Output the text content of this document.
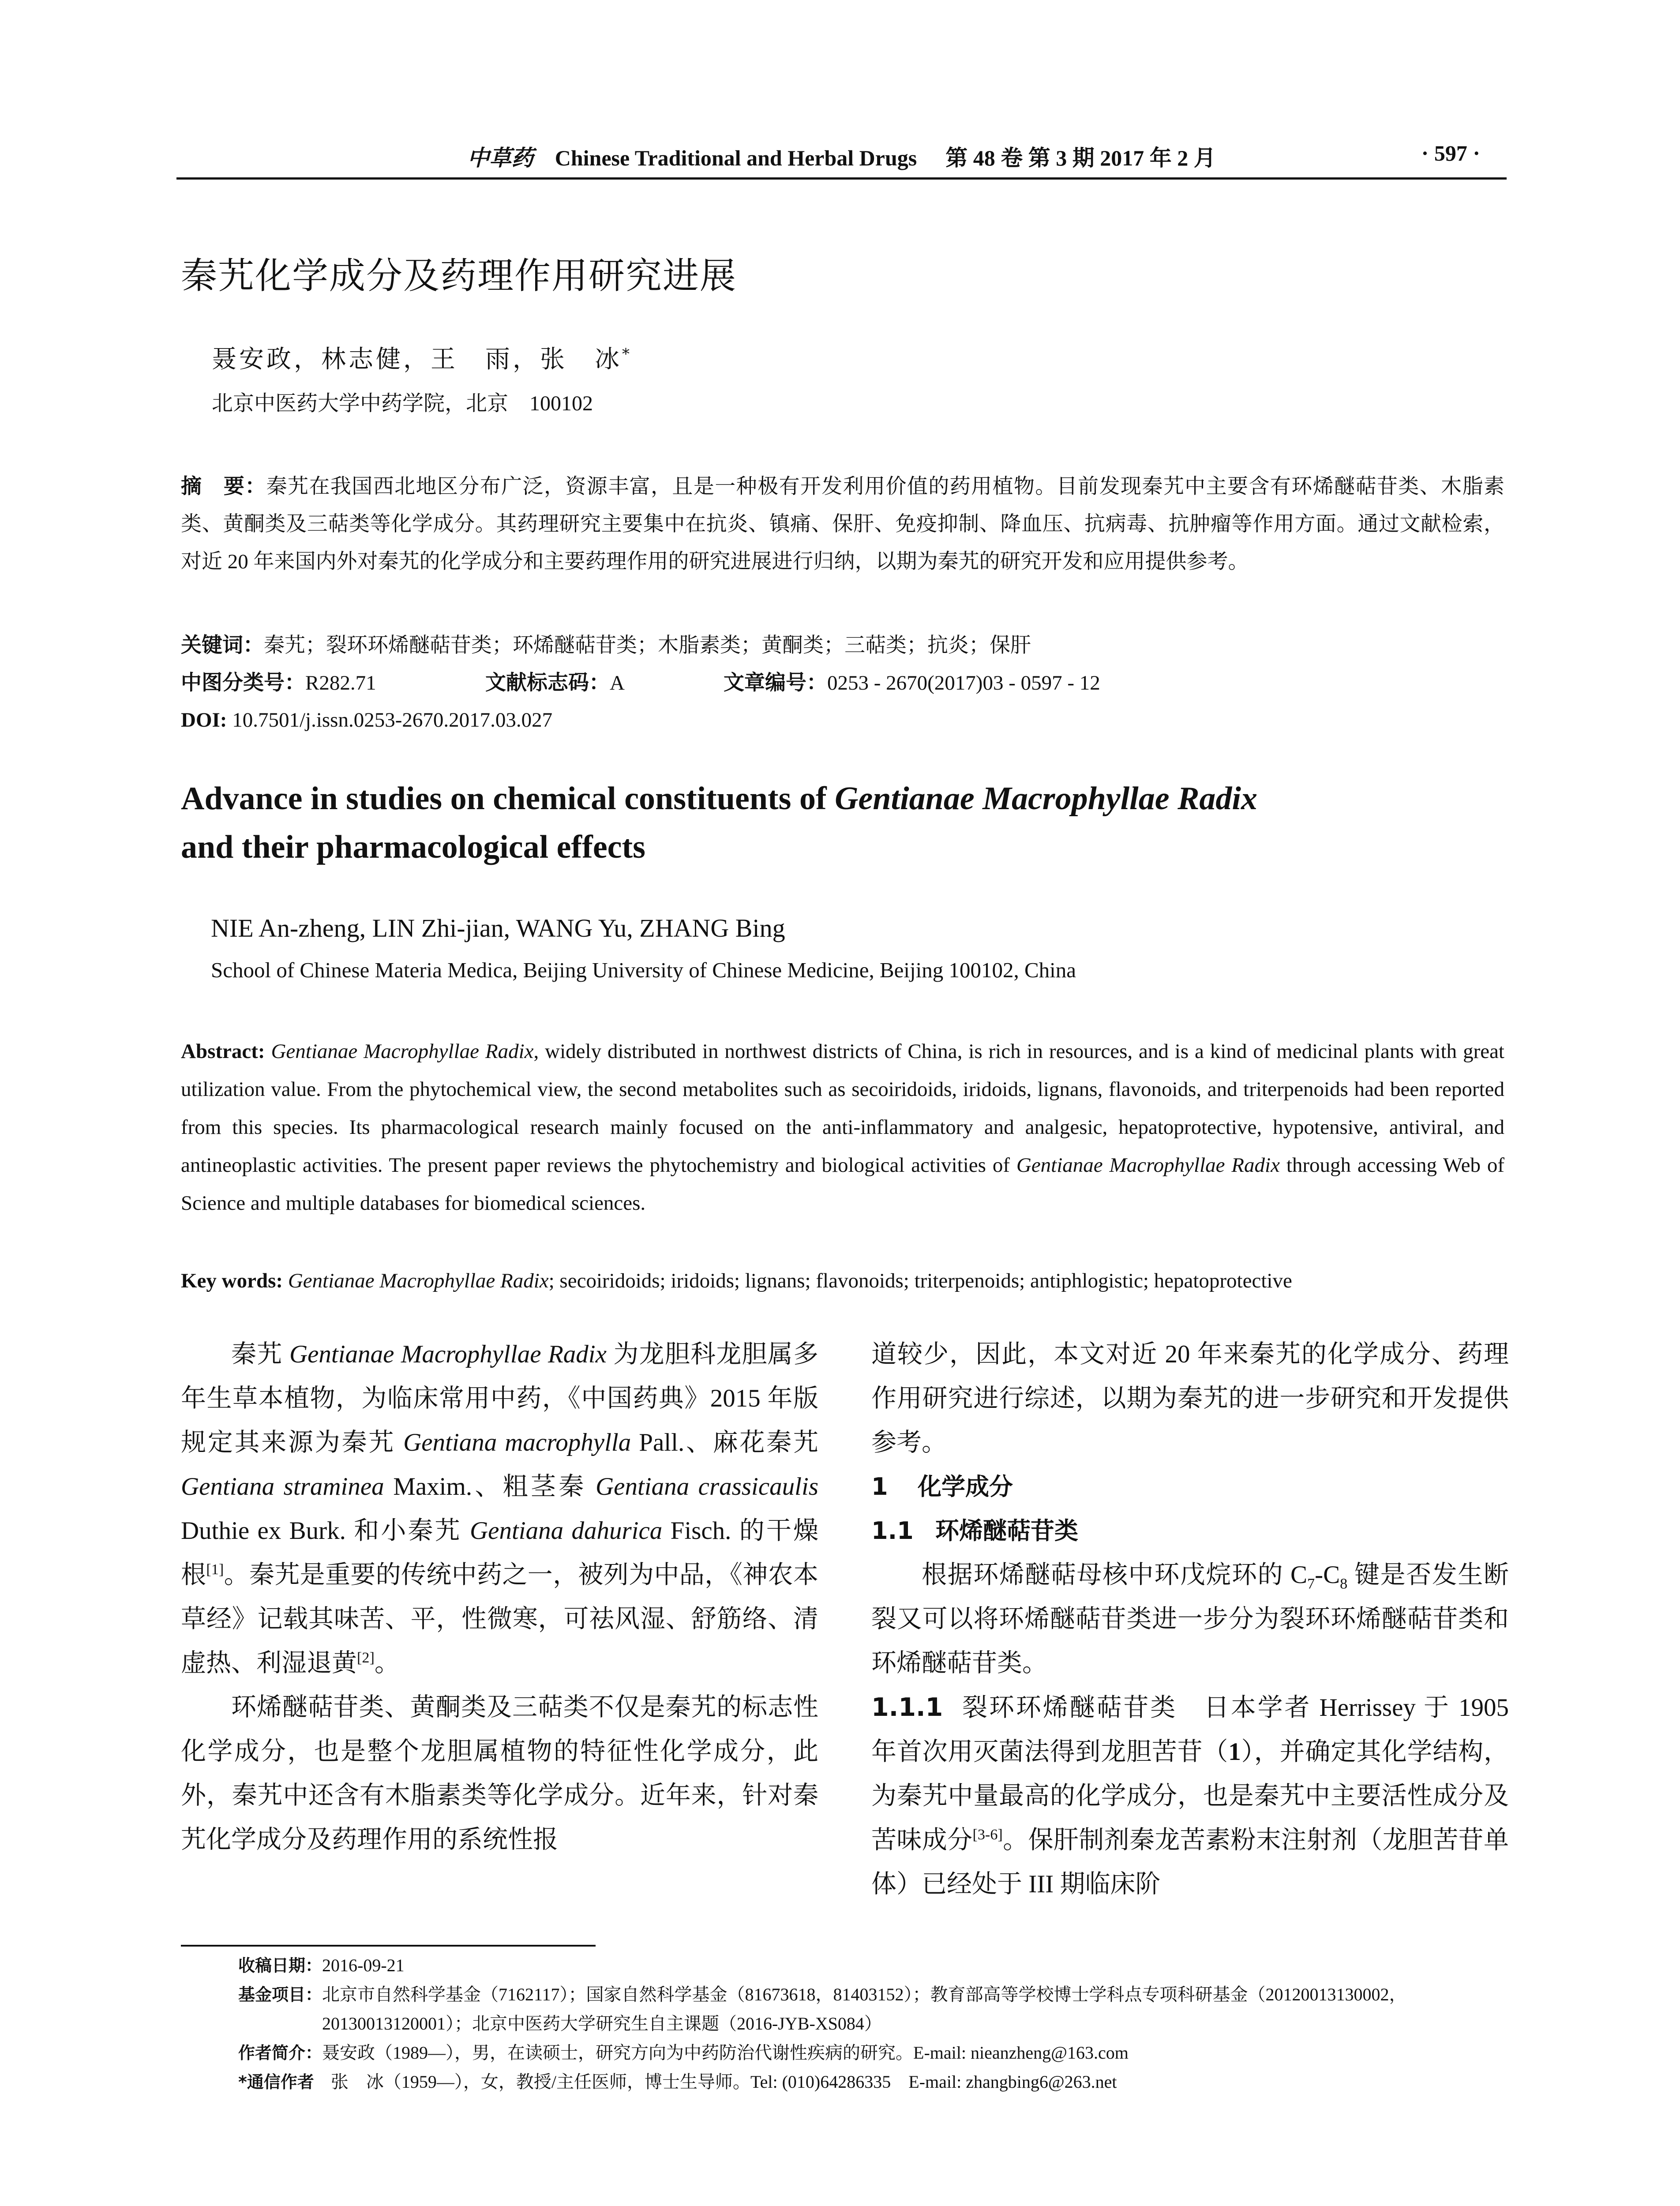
中草药 Chinese Traditional and Herbal Drugs 第 48 卷 第 3 期 2017 年 2 月	· 597 ·
秦艽化学成分及药理作用研究进展
聂安政，林志健，王　雨，张　冰*
北京中医药大学中药学院，北京　100102
摘　要：秦艽在我国西北地区分布广泛，资源丰富，且是一种极有开发利用价值的药用植物。目前发现秦艽中主要含有环烯醚萜苷类、木脂素类、黄酮类及三萜类等化学成分。其药理研究主要集中在抗炎、镇痛、保肝、免疫抑制、降血压、抗病毒、抗肿瘤等作用方面。通过文献检索，对近 20 年来国内外对秦艽的化学成分和主要药理作用的研究进展进行归纳，以期为秦艽的研究开发和应用提供参考。
关键词：秦艽；裂环环烯醚萜苷类；环烯醚萜苷类；木脂素类；黄酮类；三萜类；抗炎；保肝
中图分类号：R282.71	文献标志码：A	文章编号：0253 - 2670(2017)03 - 0597 - 12
DOI: 10.7501/j.issn.0253-2670.2017.03.027
Advance in studies on chemical constituents of Gentianae Macrophyllae Radix
and their pharmacological effects
NIE An-zheng, LIN Zhi-jian, WANG Yu, ZHANG Bing
School of Chinese Materia Medica, Beijing University of Chinese Medicine, Beijing 100102, China
Abstract: Gentianae Macrophyllae Radix, widely distributed in northwest districts of China, is rich in resources, and is a kind of medicinal plants with great utilization value. From the phytochemical view, the second metabolites such as secoiridoids, iridoids, lignans, flavonoids, and triterpenoids had been reported from this species. Its pharmacological research mainly focused on the anti-inflammatory and analgesic, hepatoprotective, hypotensive, antiviral, and antineoplastic activities. The present paper reviews the phytochemistry and biological activities of Gentianae Macrophyllae Radix through accessing Web of Science and multiple databases for biomedical sciences.
Key words: Gentianae Macrophyllae Radix; secoiridoids; iridoids; lignans; flavonoids; triterpenoids; antiphlogistic; hepatoprotective

秦艽 Gentianae Macrophyllae Radix 为龙胆科龙胆属多年生草本植物，为临床常用中药，《中国药典》2015 年版规定其来源为秦艽 Gentiana macrophylla Pall.、麻花秦艽 Gentiana straminea Maxim.、粗茎秦 Gentiana crassicaulis Duthie ex Burk. 和小秦艽 Gentiana dahurica Fisch. 的干燥根[1]。秦艽是重要的传统中药之一，被列为中品，《神农本草经》记载其味苦、平，性微寒，可祛风湿、舒筋络、清虚热、利湿退黄[2]。

环烯醚萜苷类、黄酮类及三萜类不仅是秦艽的标志性化学成分，也是整个龙胆属植物的特征性化学成分，此外，秦艽中还含有木脂素类等化学成分。近年来，针对秦艽化学成分及药理作用的系统性报

道较少，因此，本文对近 20 年来秦艽的化学成分、药理作用研究进行综述，以期为秦艽的进一步研究和开发提供参考。

1 化学成分

1.1 环烯醚萜苷类

根据环烯醚萜母核中环戊烷环的 $C_7-C_8$ 键是否发生断裂又可以将环烯醚萜苷类进一步分为裂环环烯醚萜苷类和环烯醚萜苷类。

1.1.1 裂环环烯醚萜苷类　日本学者 Herrissey 于 1905 年首次用灭菌法得到龙胆苦苷（1），并确定其化学结构，为秦艽中量最高的化学成分，也是秦艽中主要活性成分及苦味成分[3-6]。保肝制剂秦龙苦素粉末注射剂（龙胆苦苷单体）已经处于 III 期临床阶

收稿日期： 2016-09-21
基金项目： 北京市自然科学基金（7162117）；国家自然科学基金（81673618，81403152）；教育部高等学校博士学科点专项科研基金（20120013130002，20130013120001）；北京中医药大学研究生自主课题（2016-JYB-XS084）
作者简介： 聂安政（1989—），男，在读硕士，研究方向为中药防治代谢性疾病的研究。E-mail: nieanzheng@163.com
*通信作者　 张　冰（1959—），女，教授/主任医师，博士生导师。Tel: (010)64286335　E-mail: zhangbing6@263.net
